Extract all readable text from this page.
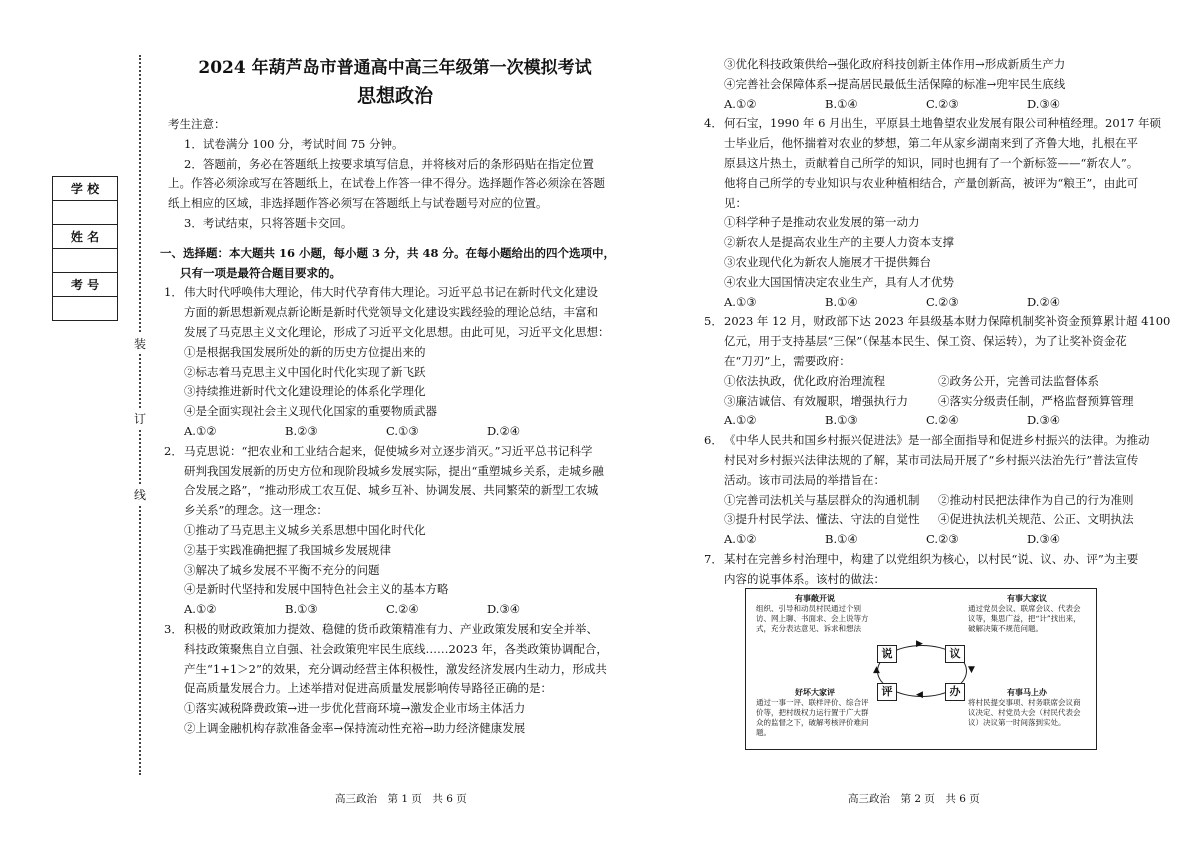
装
订
线
学 校

姓 名

考 号

2024 年葫芦岛市普通高中高三年级第一次模拟考试
思想政治
考生注意：
1．试卷满分 100 分，考试时间 75 分钟。
2．答题前，务必在答题纸上按要求填写信息，并将核对后的条形码贴在指定位置
上。作答必须涂或写在答题纸上，在试卷上作答一律不得分。选择题作答必须涂在答题
纸上相应的区域，非选择题作答必须写在答题纸上与试卷题号对应的位置。
3．考试结束，只将答题卡交回。
一、选择题：本大题共 16 小题，每小题 3 分，共 48 分。在每小题给出的四个选项中，
只有一项是最符合题目要求的。
1． 伟大时代呼唤伟大理论，伟大时代孕育伟大理论。习近平总书记在新时代文化建设
方面的新思想新观点新论断是新时代党领导文化建设实践经验的理论总结，丰富和
发展了马克思主义文化理论，形成了习近平文化思想。由此可见，习近平文化思想：
①是根据我国发展所处的新的历史方位提出来的
②标志着马克思主义中国化时代化实现了新飞跃
③持续推进新时代文化建设理论的体系化学理化
④是全面实现社会主义现代化国家的重要物质武器
A.①②	B.②③	C.①③	D.②④
2． 马克思说：“把农业和工业结合起来，促使城乡对立逐步消灭。”习近平总书记科学
研判我国发展新的历史方位和现阶段城乡发展实际，提出“重塑城乡关系，走城乡融
合发展之路”，“推动形成工农互促、城乡互补、协调发展、共同繁荣的新型工农城
乡关系”的理念。这一理念：
①推动了马克思主义城乡关系思想中国化时代化
②基于实践准确把握了我国城乡发展规律
③解决了城乡发展不平衡不充分的问题
④是新时代坚持和发展中国特色社会主义的基本方略
A.①②	B.①③	C.②④	D.③④
3． 积极的财政政策加力提效、稳健的货币政策精准有力、产业政策发展和安全并举、
科技政策聚焦自立自强、社会政策兜牢民生底线……2023 年，各类政策协调配合，
产生“1+1＞2”的效果，充分调动经营主体积极性，激发经济发展内生动力，形成共
促高质量发展合力。上述举措对促进高质量发展影响传导路径正确的是：
①落实减税降费政策→进一步优化营商环境→激发企业市场主体活力
②上调金融机构存款准备金率→保持流动性充裕→助力经济健康发展
③优化科技政策供给→强化政府科技创新主体作用→形成新质生产力
④完善社会保障体系→提高居民最低生活保障的标准→兜牢民生底线
A.①②	B.①④	C.②③	D.③④
4． 何石宝，1990 年 6 月出生，平原县土地鲁望农业发展有限公司种植经理。2017 年硕
士毕业后，他怀揣着对农业的梦想，第二年从家乡湖南来到了齐鲁大地，扎根在平
原县这片热土，贡献着自己所学的知识，同时也拥有了一个新标签——“新农人”。
他将自己所学的专业知识与农业种植相结合，产量创新高，被评为“粮王”，由此可
见：
①科学种子是推动农业发展的第一动力
②新农人是提高农业生产的主要人力资本支撑
③农业现代化为新农人施展才干提供舞台
④农业大国国情决定农业生产，具有人才优势
A.①③	B.①④	C.②③	D.②④
5． 2023 年 12 月，财政部下达 2023 年县级基本财力保障机制奖补资金预算累计超 4100
亿元，用于支持基层“三保”（保基本民生、保工资、保运转），为了让奖补资金花
在“刀刃”上，需要政府：
①依法执政，优化政府治理流程	②政务公开，完善司法监督体系
③廉洁诚信、有效履职，增强执行力	④落实分级责任制，严格监督预算管理
A.①②	B.①③	C.②④	D.③④
6． 《中华人民共和国乡村振兴促进法》是一部全面指导和促进乡村振兴的法律。为推动
村民对乡村振兴法律法规的了解，某市司法局开展了“乡村振兴法治先行”普法宣传
活动。该市司法局的举措旨在：
①完善司法机关与基层群众的沟通机制	②推动村民把法律作为自己的行为准则
③提升村民学法、懂法、守法的自觉性	④促进执法机关规范、公正、文明执法
A.①②	B.①④	C.②③	D.③④
7． 某村在完善乡村治理中，构建了以党组织为核心，以村民“说、议、办、评”为主要
内容的说事体系。该村的做法：
有事敞开说
组织、引导和动员村民通过个别访、网上聊、书面求、会上说等方式，充分表达意见、诉求和想法
有事大家议
通过党员会议、联席会议、代表会议等，集思广益，把“计”找出来，破解决策不规范问题。
好坏大家评
通过一事一评、联样评价、综合评价等，把村级权力运行置于广大群众的监督之下，破解考核评价难问题。
有事马上办
将村民提交事项、村务联席会议商议决定、村党员大会（村民代表会议）决议第一时间落到实处。
说	议
评	办
▶
▼
◀
▲
高三政治　第 1 页　共 6 页	高三政治　第 2 页　共 6 页
